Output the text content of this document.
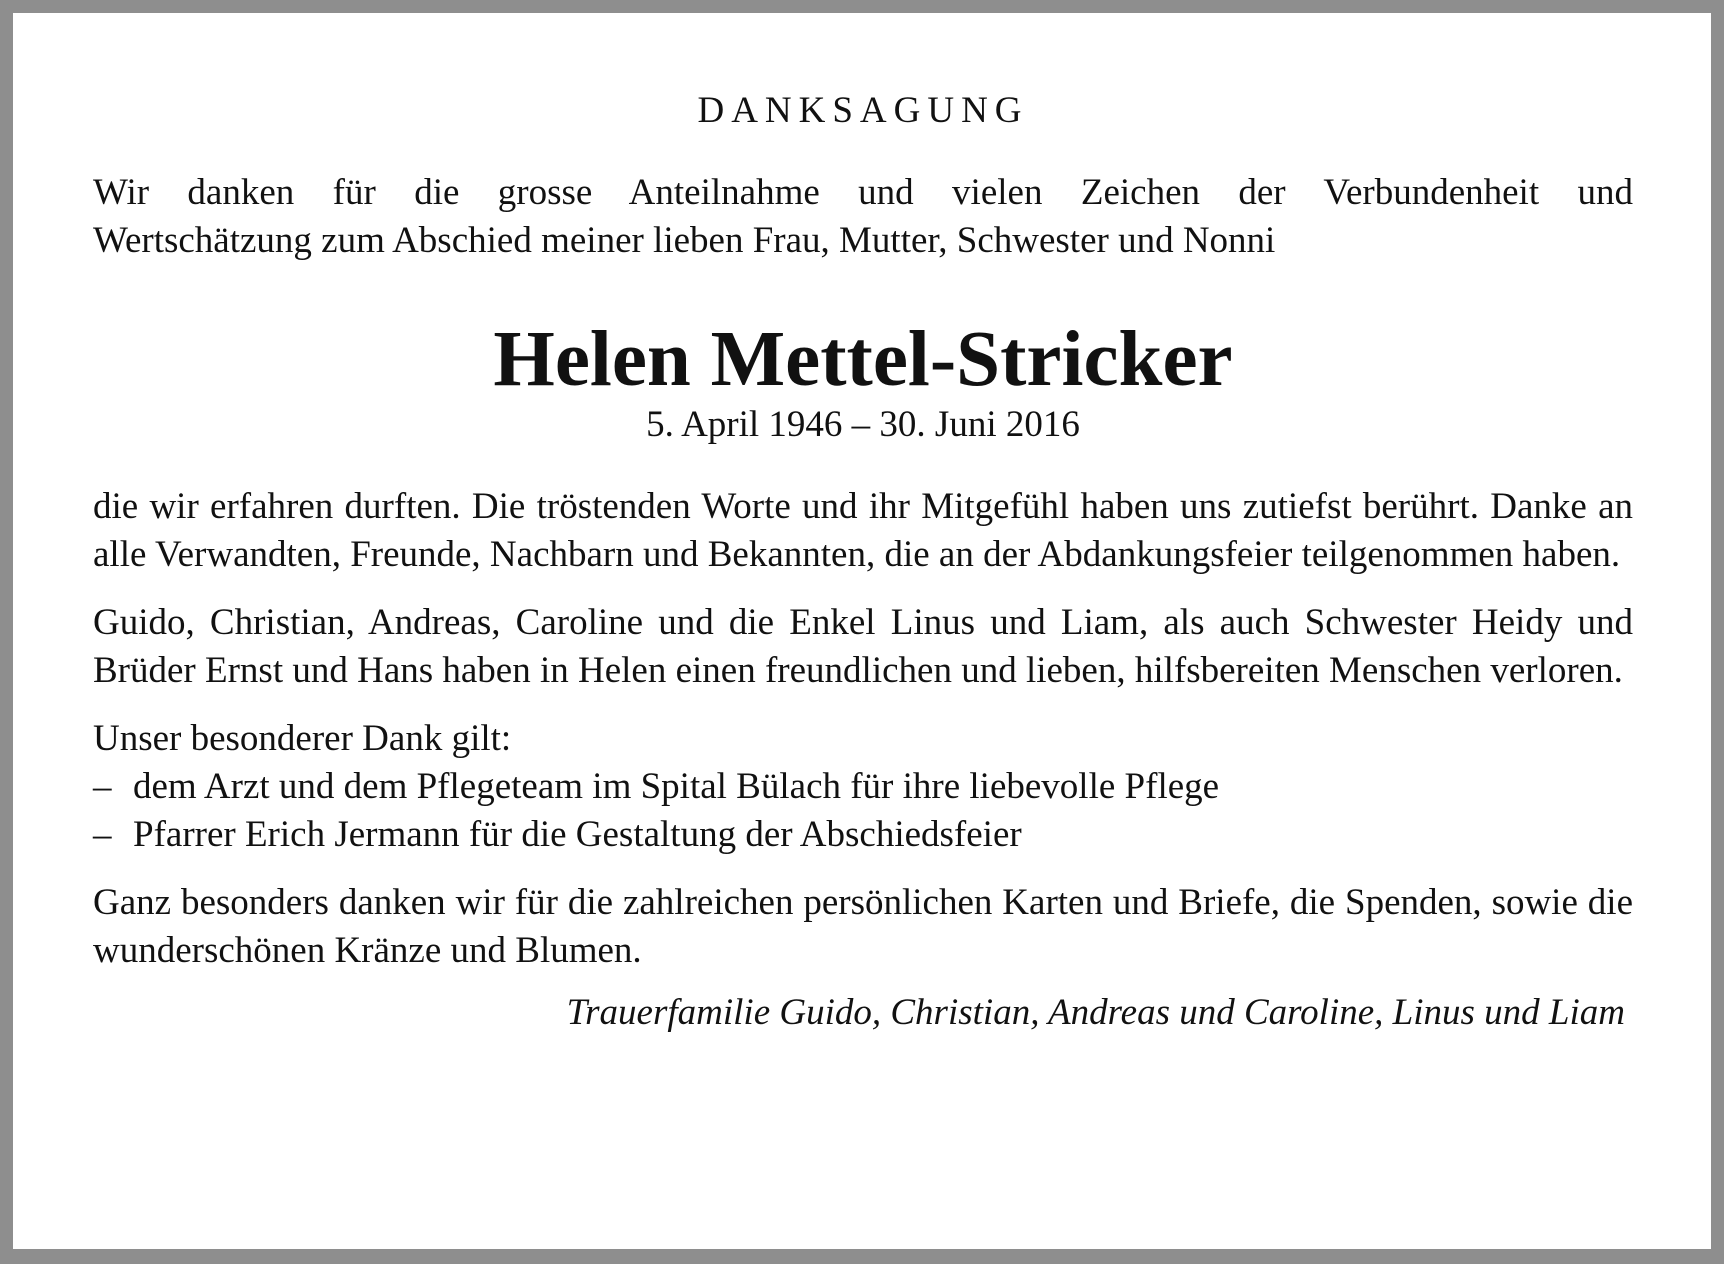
DANKSAGUNG
Wir danken für die grosse Anteilnahme und vielen Zeichen der Verbundenheit und
Wertschätzung zum Abschied meiner lieben Frau, Mutter, Schwester und Nonni
Helen Mettel-Stricker
5. April 1946 – 30. Juni 2016
die wir erfahren durften. Die tröstenden Worte und ihr Mitgefühl haben uns zutiefst berührt. Danke an alle Verwandten, Freunde, Nachbarn und Bekannten, die an der Abdankungsfeier teilgenommen haben.
Guido, Christian, Andreas, Caroline und die Enkel Linus und Liam, als auch Schwester Heidy und Brüder Ernst und Hans haben in Helen einen freundlichen und lieben, hilfsbereiten Menschen verloren.
Unser besonderer Dank gilt:
– dem Arzt und dem Pflegeteam im Spital Bülach für ihre liebevolle Pflege
– Pfarrer Erich Jermann für die Gestaltung der Abschiedsfeier
Ganz besonders danken wir für die zahlreichen persönlichen Karten und Briefe, die Spenden, sowie die wunderschönen Kränze und Blumen.
Trauerfamilie Guido, Christian, Andreas und Caroline, Linus und Liam
